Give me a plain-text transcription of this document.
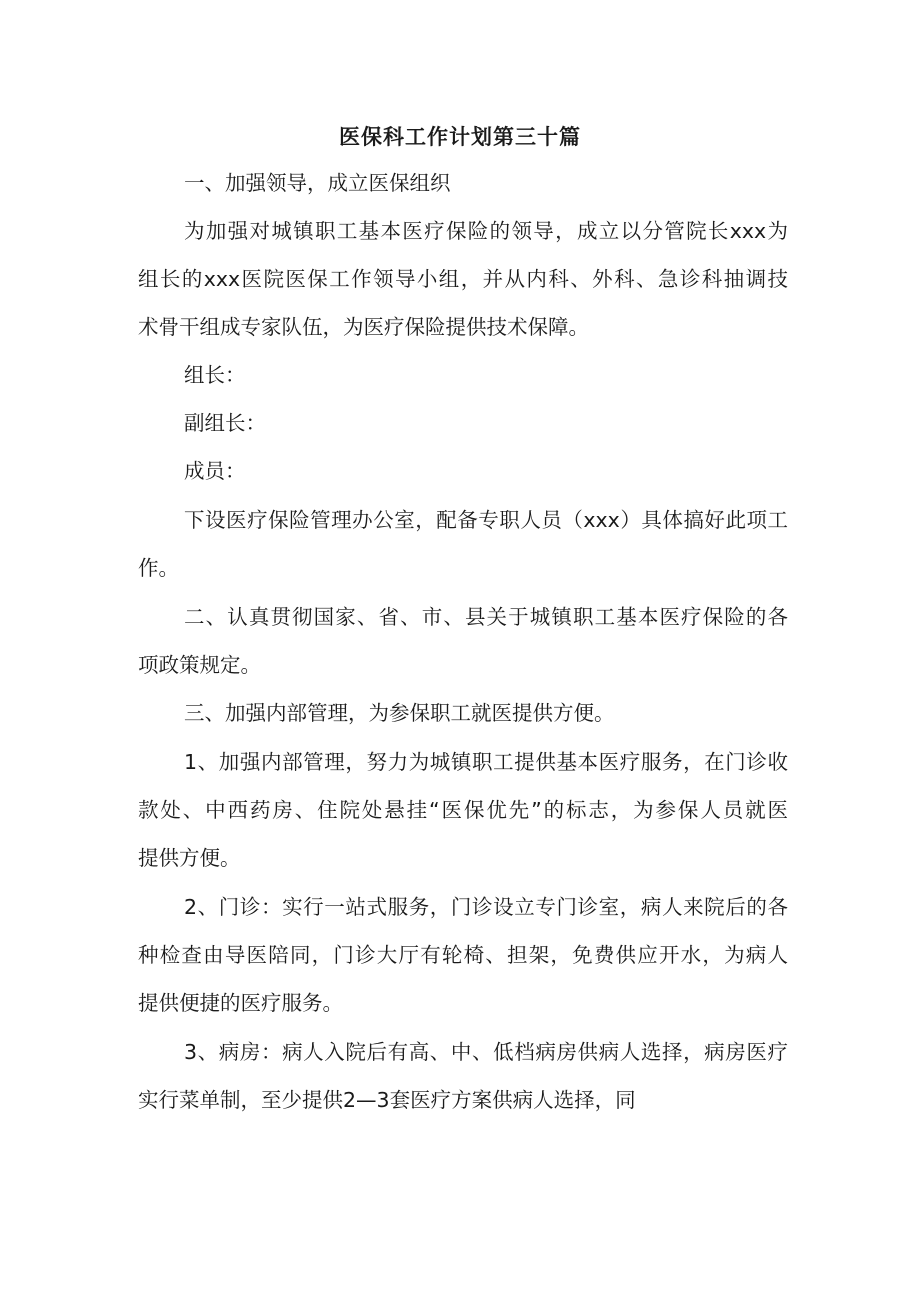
医保科工作计划第三十篇
一、加强领导，成立医保组织
为加强对城镇职工基本医疗保险的领导，成立以分管院长xxx为
组长的xxx医院医保工作领导小组，并从内科、外科、急诊科抽调技
术骨干组成专家队伍，为医疗保险提供技术保障。
组长：
副组长：
成员：
下设医疗保险管理办公室，配备专职人员（xxx）具体搞好此项工
作。
二、认真贯彻国家、省、市、县关于城镇职工基本医疗保险的各
项政策规定。
三、加强内部管理，为参保职工就医提供方便。
1、加强内部管理，努力为城镇职工提供基本医疗服务，在门诊收
款处、中西药房、住院处悬挂“医保优先”的标志，为参保人员就医
提供方便。
2、门诊：实行一站式服务，门诊设立专门诊室，病人来院后的各
种检查由导医陪同，门诊大厅有轮椅、担架，免费供应开水，为病人
提供便捷的医疗服务。
3、病房：病人入院后有高、中、低档病房供病人选择，病房医疗
实行菜单制，至少提供2—3套医疗方案供病人选择，同
